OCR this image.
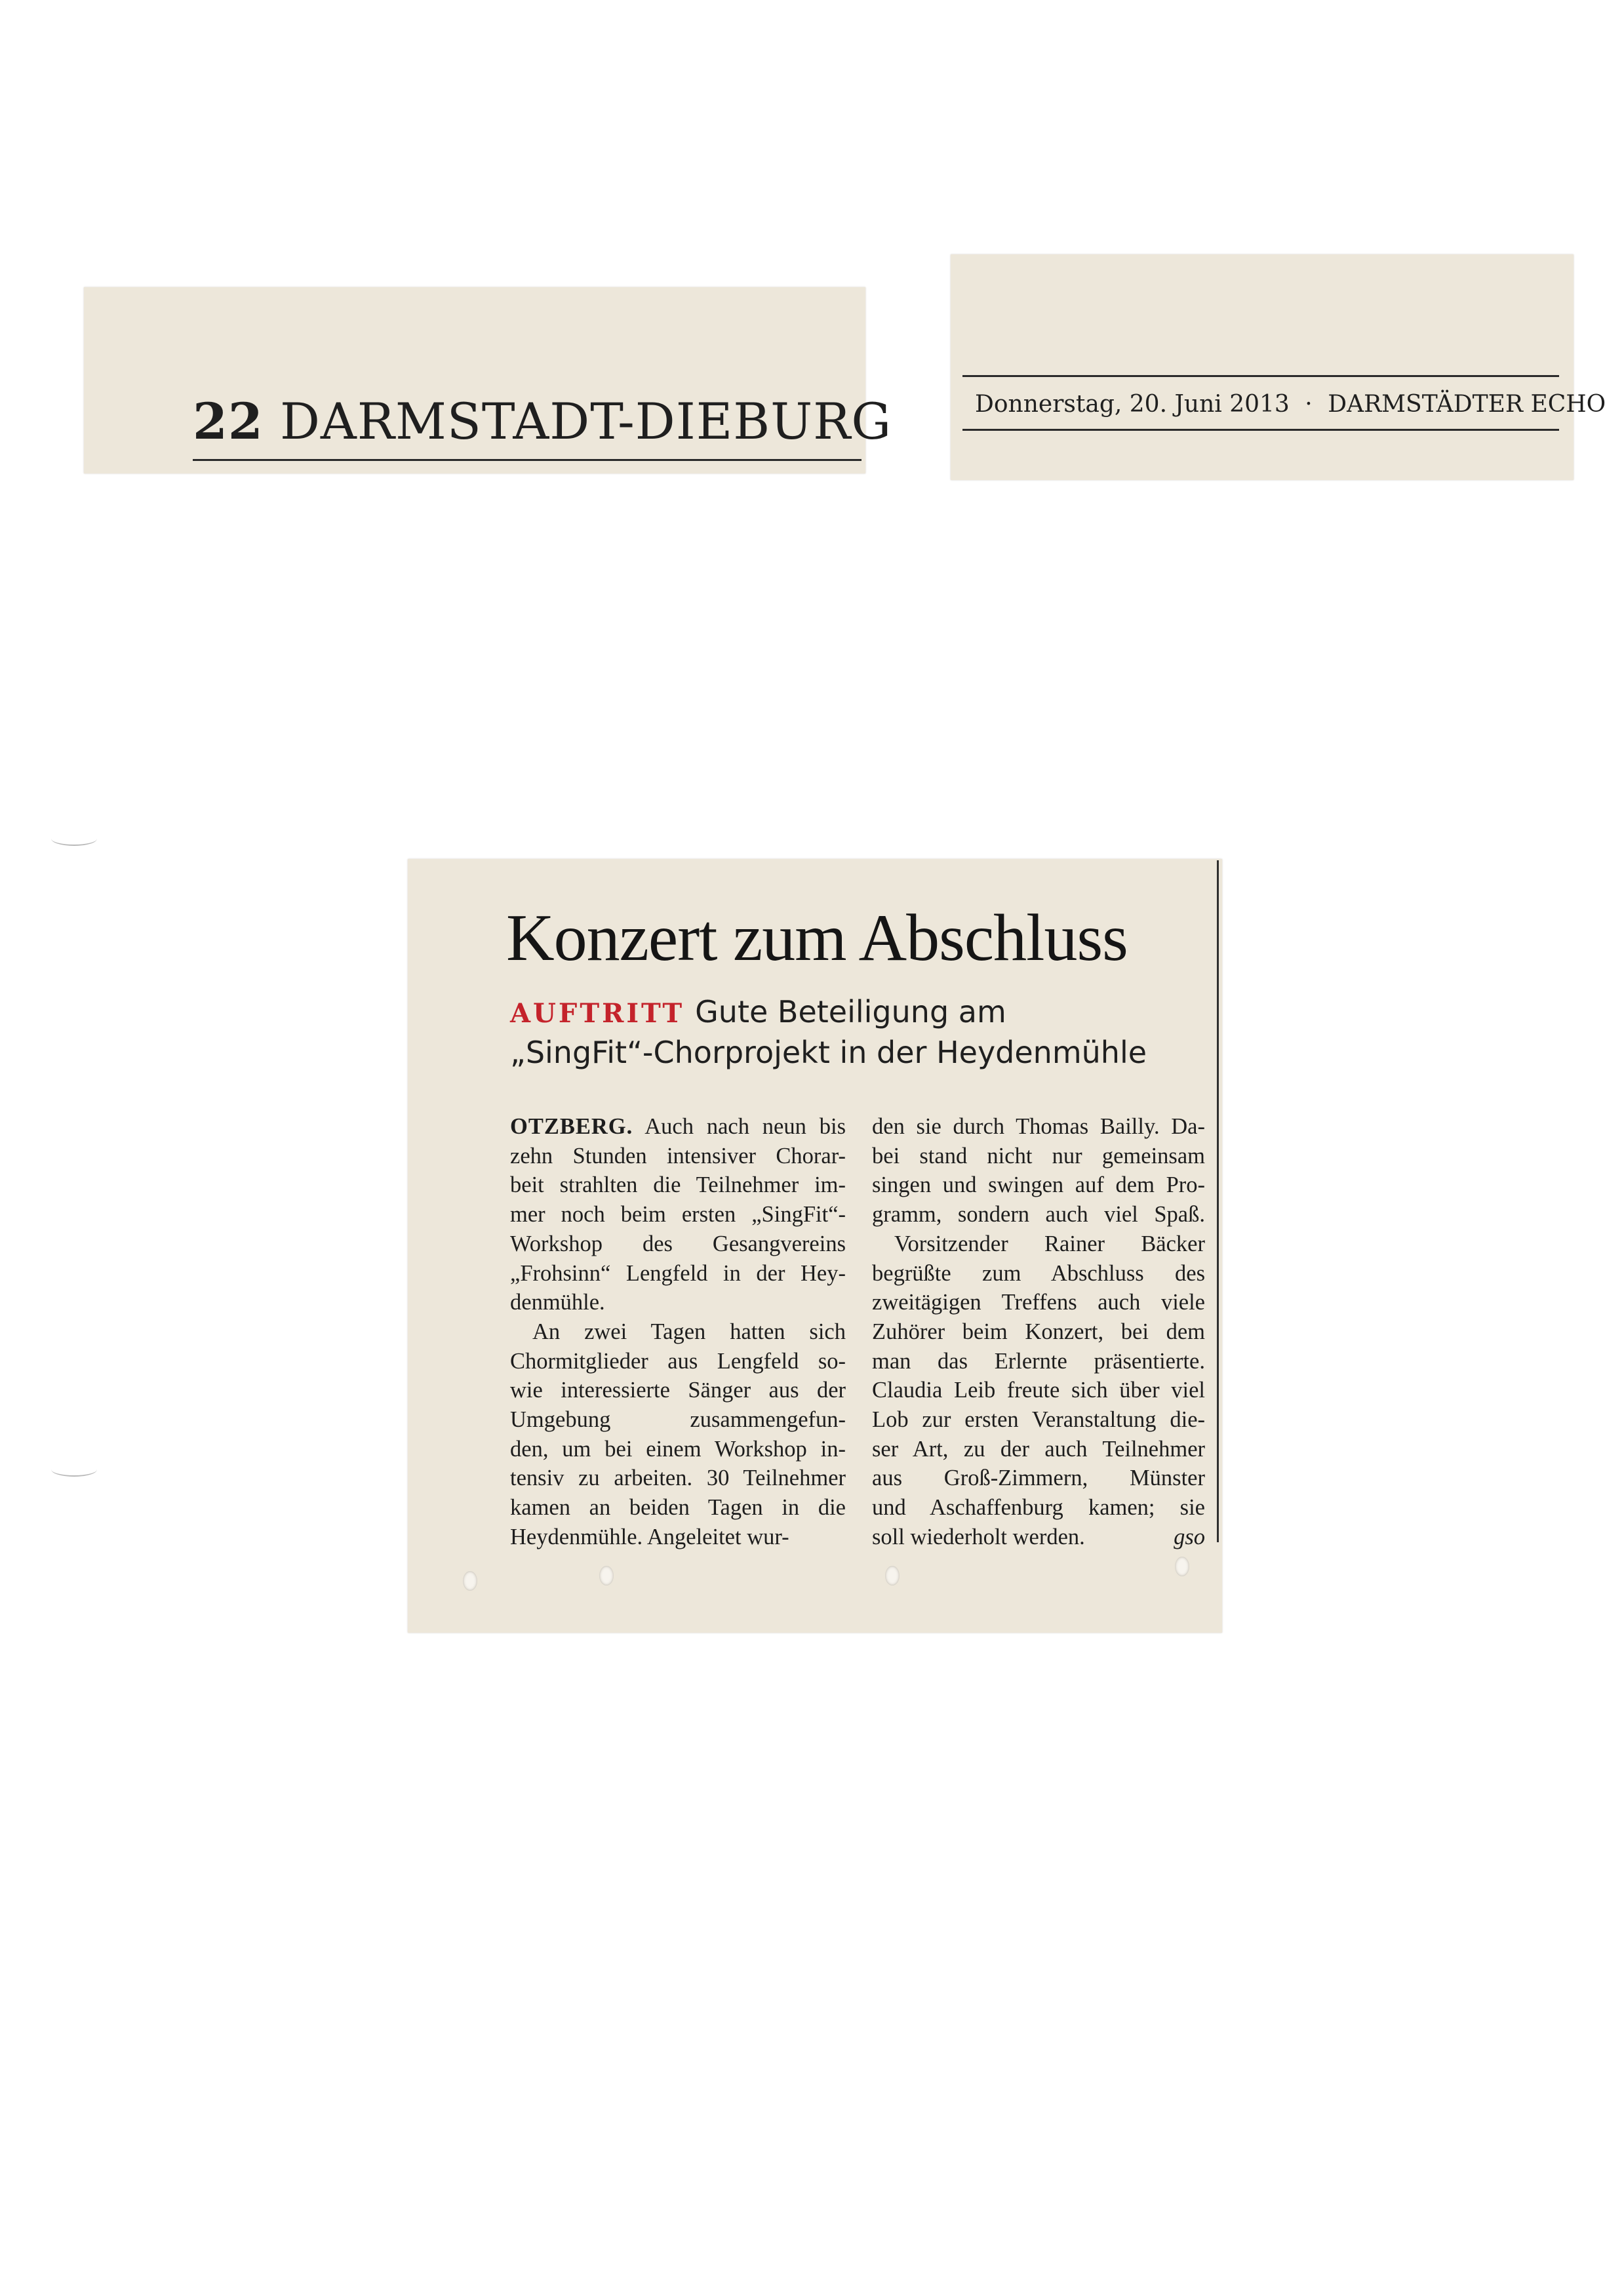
22 DARMSTADT-DIEBURG	Donnerstag, 20. Juni 2013 · DARMSTÄDTER ECHO
Konzert zum Abschluss
AUFTRITT Gute Beteiligung am
„SingFit“-Chorprojekt in der Heydenmühle
OTZBERG. Auch nach neun bis
zehn Stunden intensiver Chorar-
beit strahlten die Teilnehmer im-
mer noch beim ersten „SingFit“-
Workshop des Gesangvereins
„Frohsinn“ Lengfeld in der Hey-
denmühle.
An zwei Tagen hatten sich
Chormitglieder aus Lengfeld so-
wie interessierte Sänger aus der
Umgebung zusammengefun-
den, um bei einem Workshop in-
tensiv zu arbeiten. 30 Teilnehmer
kamen an beiden Tagen in die
Heydenmühle. Angeleitet wur-
den sie durch Thomas Bailly. Da-
bei stand nicht nur gemeinsam
singen und swingen auf dem Pro-
gramm, sondern auch viel Spaß.
Vorsitzender Rainer Bäcker
begrüßte zum Abschluss des
zweitägigen Treffens auch viele
Zuhörer beim Konzert, bei dem
man das Erlernte präsentierte.
Claudia Leib freute sich über viel
Lob zur ersten Veranstaltung die-
ser Art, zu der auch Teilnehmer
aus Groß-Zimmern, Münster
und Aschaffenburg kamen; sie
soll wiederholt werden.	gso
